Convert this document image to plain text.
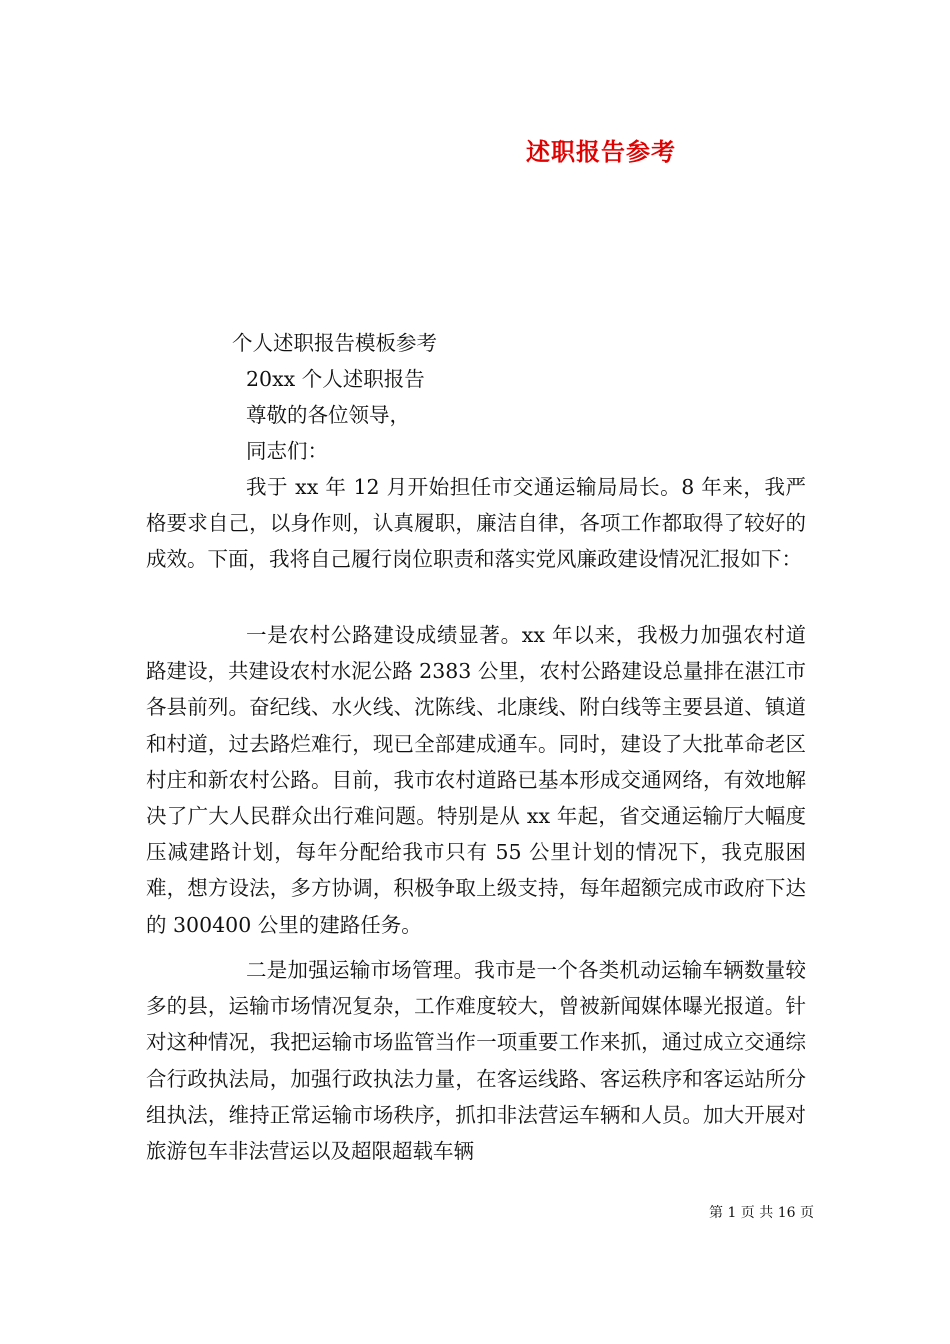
述职报告参考
个人述职报告模板参考
20xx 个人述职报告
尊敬的各位领导，
同志们：

我于 xx 年 12 月开始担任市交通运输局局长。8 年来，我严格要求自己，以身作则，认真履职，廉洁自律，各项工作都取得了较好的成效。下面，我将自己履行岗位职责和落实党风廉政建设情况汇报如下：

一是农村公路建设成绩显著。xx 年以来，我极力加强农村道路建设，共建设农村水泥公路 2383 公里，农村公路建设总量排在湛江市各县前列。奋纪线、水火线、沈陈线、北康线、附白线等主要县道、镇道和村道，过去路烂难行，现已全部建成通车。同时，建设了大批革命老区村庄和新农村公路。目前，我市农村道路已基本形成交通网络，有效地解决了广大人民群众出行难问题。特别是从 xx 年起，省交通运输厅大幅度压减建路计划，每年分配给我市只有 55 公里计划的情况下，我克服困难，想方设法，多方协调，积极争取上级支持，每年超额完成市政府下达的 300400 公里的建路任务。

二是加强运输市场管理。我市是一个各类机动运输车辆数量较多的县，运输市场情况复杂，工作难度较大，曾被新闻媒体曝光报道。针对这种情况，我把运输市场监管当作一项重要工作来抓，通过成立交通综合行政执法局，加强行政执法力量，在客运线路、客运秩序和客运站所分组执法，维持正常运输市场秩序，抓扣非法营运车辆和人员。加大开展对旅游包车非法营运以及超限超载车辆

第 1 页 共 16 页
